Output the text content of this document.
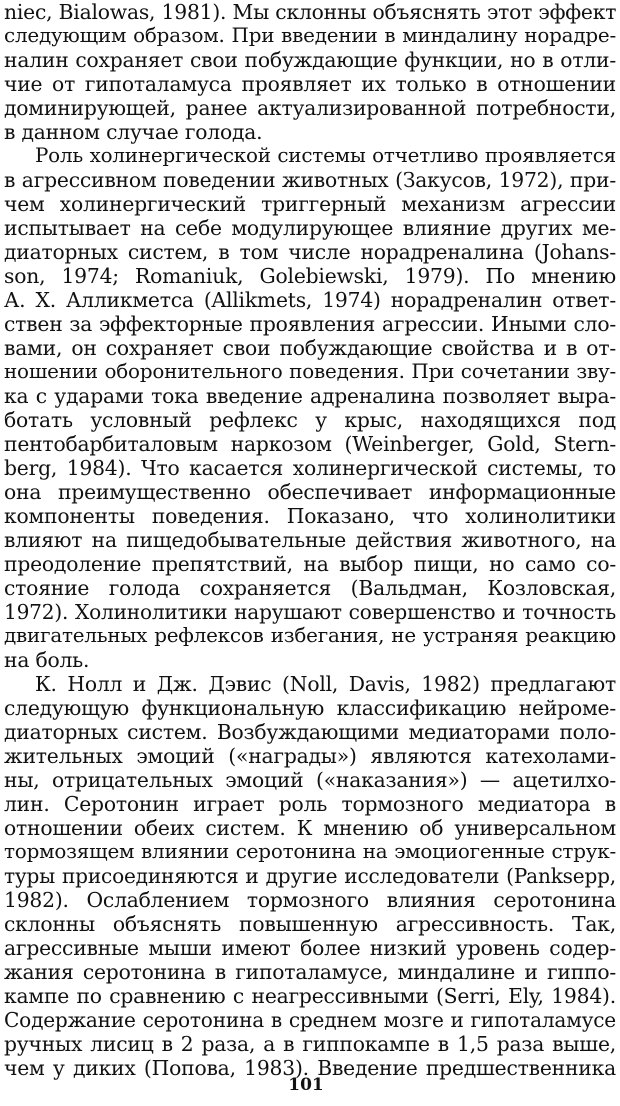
niec, Bialowas, 1981). Мы склонны объяснять этот эффект
следующим образом. При введении в миндалину норадре-
налин сохраняет свои побуждающие функции, но в отли-
чие от гипоталамуса проявляет их только в отношении
доминирующей, ранее актуализированной потребности,
в данном случае голода.
Роль холинергической системы отчетливо проявляется
в агрессивном поведении животных (Закусов, 1972), при-
чем холинергический триггерный механизм агрессии
испытывает на себе модулирующее влияние других ме-
диаторных систем, в том числе норадреналина (Johans-
son, 1974; Romaniuk, Golebiewski, 1979). По мнению
А. Х. Алликметса (Allikmets, 1974) норадреналин ответ-
ствен за эффекторные проявления агрессии. Иными сло-
вами, он сохраняет свои побуждающие свойства и в от-
ношении оборонительного поведения. При сочетании зву-
ка с ударами тока введение адреналина позволяет выра-
ботать условный рефлекс у крыс, находящихся под
пентобарбиталовым наркозом (Weinberger, Gold, Stern-
berg, 1984). Что касается холинергической системы, то
она преимущественно обеспечивает информационные
компоненты поведения. Показано, что холинолитики
влияют на пищедобывательные действия животного, на
преодоление препятствий, на выбор пищи, но само со-
стояние голода сохраняется (Вальдман, Козловская,
1972). Холинолитики нарушают совершенство и точность
двигательных рефлексов избегания, не устраняя реакцию
на боль.
К. Нолл и Дж. Дэвис (Noll, Davis, 1982) предлагают
следующую функциональную классификацию нейроме-
диаторных систем. Возбуждающими медиаторами поло-
жительных эмоций («награды») являются катехолами-
ны, отрицательных эмоций («наказания») — ацетилхо-
лин. Серотонин играет роль тормозного медиатора в
отношении обеих систем. К мнению об универсальном
тормозящем влиянии серотонина на эмоциогенные струк-
туры присоединяются и другие исследователи (Panksepp,
1982). Ослаблением тормозного влияния серотонина
склонны объяснять повышенную агрессивность. Так,
агрессивные мыши имеют более низкий уровень содер-
жания серотонина в гипоталамусе, миндалине и гиппо-
кампе по сравнению с неагрессивными (Serri, Ely, 1984).
Содержание серотонина в среднем мозге и гипоталамусе
ручных лисиц в 2 раза, а в гиппокампе в 1,5 раза выше,
чем у диких (Попова, 1983). Введение предшественника
101
